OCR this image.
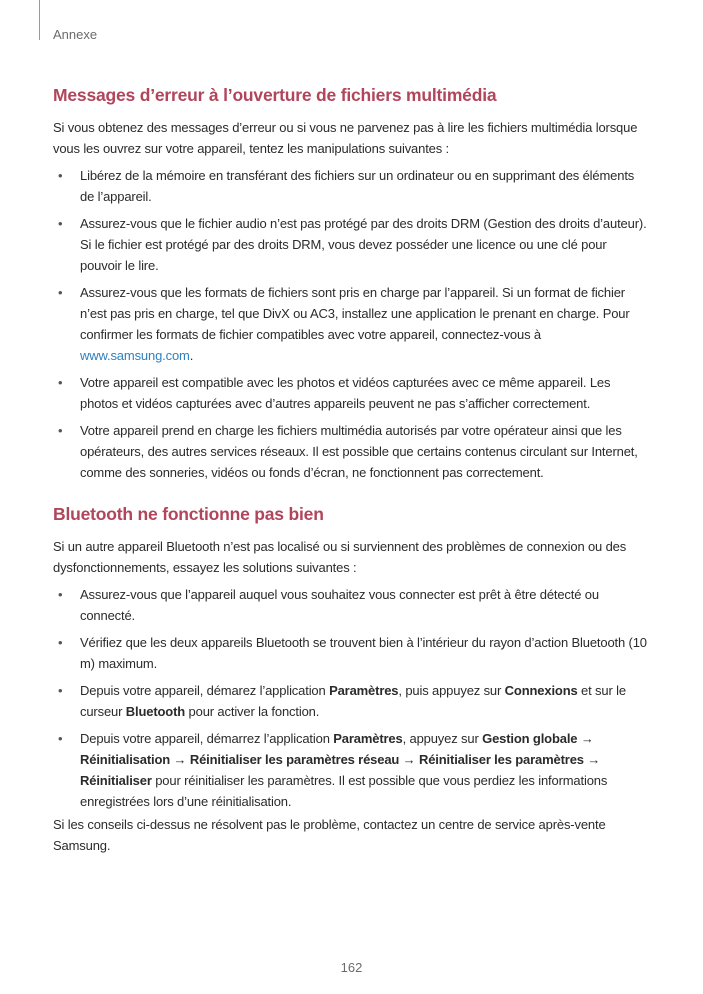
Annexe
Messages d’erreur à l’ouverture de fichiers multimédia

Si vous obtenez des messages d’erreur ou si vous ne parvenez pas à lire les fichiers multimédia lorsque vous les ouvrez sur votre appareil, tentez les manipulations suivantes :

• Libérez de la mémoire en transférant des fichiers sur un ordinateur ou en supprimant des éléments de l’appareil.
• Assurez-vous que le fichier audio n’est pas protégé par des droits DRM (Gestion des droits d’auteur). Si le fichier est protégé par des droits DRM, vous devez posséder une licence ou une clé pour pouvoir le lire.
• Assurez-vous que les formats de fichiers sont pris en charge par l’appareil. Si un format de fichier n’est pas pris en charge, tel que DivX ou AC3, installez une application le prenant en charge. Pour confirmer les formats de fichier compatibles avec votre appareil, connectez-vous à www.samsung.com.
• Votre appareil est compatible avec les photos et vidéos capturées avec ce même appareil. Les photos et vidéos capturées avec d’autres appareils peuvent ne pas s’afficher correctement.
• Votre appareil prend en charge les fichiers multimédia autorisés par votre opérateur ainsi que les opérateurs, des autres services réseaux. Il est possible que certains contenus circulant sur Internet, comme des sonneries, vidéos ou fonds d’écran, ne fonctionnent pas correctement.
Bluetooth ne fonctionne pas bien

Si un autre appareil Bluetooth n’est pas localisé ou si surviennent des problèmes de connexion ou des dysfonctionnements, essayez les solutions suivantes :

• Assurez-vous que l’appareil auquel vous souhaitez vous connecter est prêt à être détecté ou connecté.
• Vérifiez que les deux appareils Bluetooth se trouvent bien à l’intérieur du rayon d’action Bluetooth (10 m) maximum.
• Depuis votre appareil, démarez l’application Paramètres, puis appuyez sur Connexions et sur le curseur Bluetooth pour activer la fonction.
• Depuis votre appareil, démarrez l’application Paramètres, appuyez sur Gestion globale → Réinitialisation → Réinitialiser les paramètres réseau → Réinitialiser les paramètres → Réinitialiser pour réinitialiser les paramètres. Il est possible que vous perdiez les informations enregistrées lors d’une réinitialisation.

Si les conseils ci-dessus ne résolvent pas le problème, contactez un centre de service après-vente Samsung.

162
